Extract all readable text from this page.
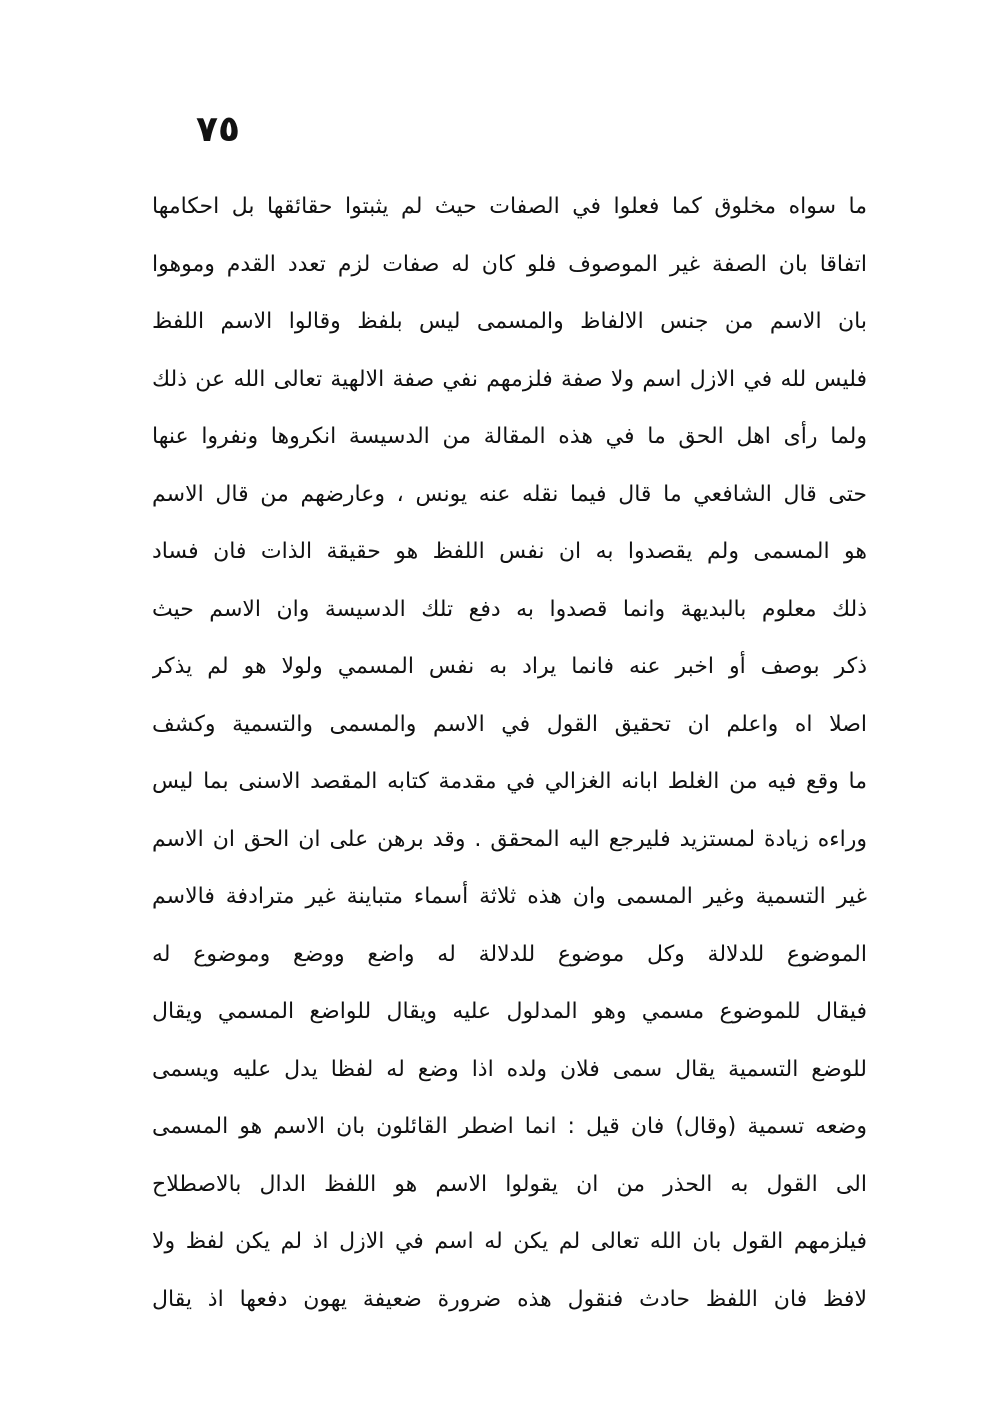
٧٥
ما سواه مخلوق كما فعلوا في الصفات حيث لم يثبتوا حقائقها بل احكامها
اتفاقا بان الصفة غير الموصوف فلو كان له صفات لزم تعدد القدم وموهوا
بان الاسم من جنس الالفاظ والمسمى ليس بلفظ وقالوا الاسم اللفظ
فليس لله في الازل اسم ولا صفة فلزمهم نفي صفة الالهية تعالى الله عن ذلك
ولما رأى اهل الحق ما في هذه المقالة من الدسيسة انكروها ونفروا عنها
حتى قال الشافعي ما قال فيما نقله عنه يونس ، وعارضهم من قال الاسم
هو المسمى ولم يقصدوا به ان نفس اللفظ هو حقيقة الذات فان فساد
ذلك معلوم بالبديهة وانما قصدوا به دفع تلك الدسيسة وان الاسم حيث
ذكر بوصف أو اخبر عنه فانما يراد به نفس المسمي ولولا هو لم يذكر
اصلا اه واعلم ان تحقيق القول في الاسم والمسمى والتسمية وكشف
ما وقع فيه من الغلط ابانه الغزالي في مقدمة كتابه المقصد الاسنى بما ليس
وراءه زيادة لمستزيد فليرجع اليه المحقق . وقد برهن على ان الحق ان الاسم
غير التسمية وغير المسمى وان هذه ثلاثة أسماء متباينة غير مترادفة فالاسم
الموضوع للدلالة وكل موضوع للدلالة له واضع ووضع وموضوع له
فيقال للموضوع مسمي وهو المدلول عليه ويقال للواضع المسمي ويقال
للوضع التسمية يقال سمى فلان ولده اذا وضع له لفظا يدل عليه ويسمى
وضعه تسمية (وقال) فان قيل : انما اضطر القائلون بان الاسم هو المسمى
الى القول به الحذر من ان يقولوا الاسم هو اللفظ الدال بالاصطلاح
فيلزمهم القول بان الله تعالى لم يكن له اسم في الازل اذ لم يكن لفظ ولا
لافظ فان اللفظ حادث فنقول هذه ضرورة ضعيفة يهون دفعها اذ يقال
